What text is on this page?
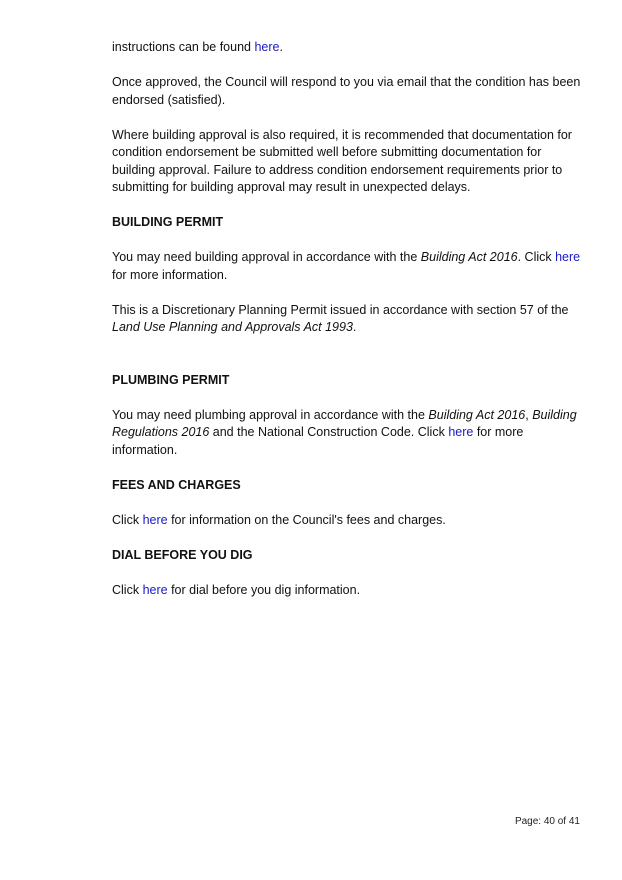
instructions can be found here.

Once approved, the Council will respond to you via email that the condition has been endorsed (satisfied).

Where building approval is also required, it is recommended that documentation for condition endorsement be submitted well before submitting documentation for building approval. Failure to address condition endorsement requirements prior to submitting for building approval may result in unexpected delays.

BUILDING PERMIT

You may need building approval in accordance with the Building Act 2016. Click here for more information.

This is a Discretionary Planning Permit issued in accordance with section 57 of the Land Use Planning and Approvals Act 1993.

PLUMBING PERMIT

You may need plumbing approval in accordance with the Building Act 2016, Building Regulations 2016 and the National Construction Code. Click here for more information.

FEES AND CHARGES

Click here for information on the Council's fees and charges.

DIAL BEFORE YOU DIG

Click here for dial before you dig information.

Page: 40 of 41
